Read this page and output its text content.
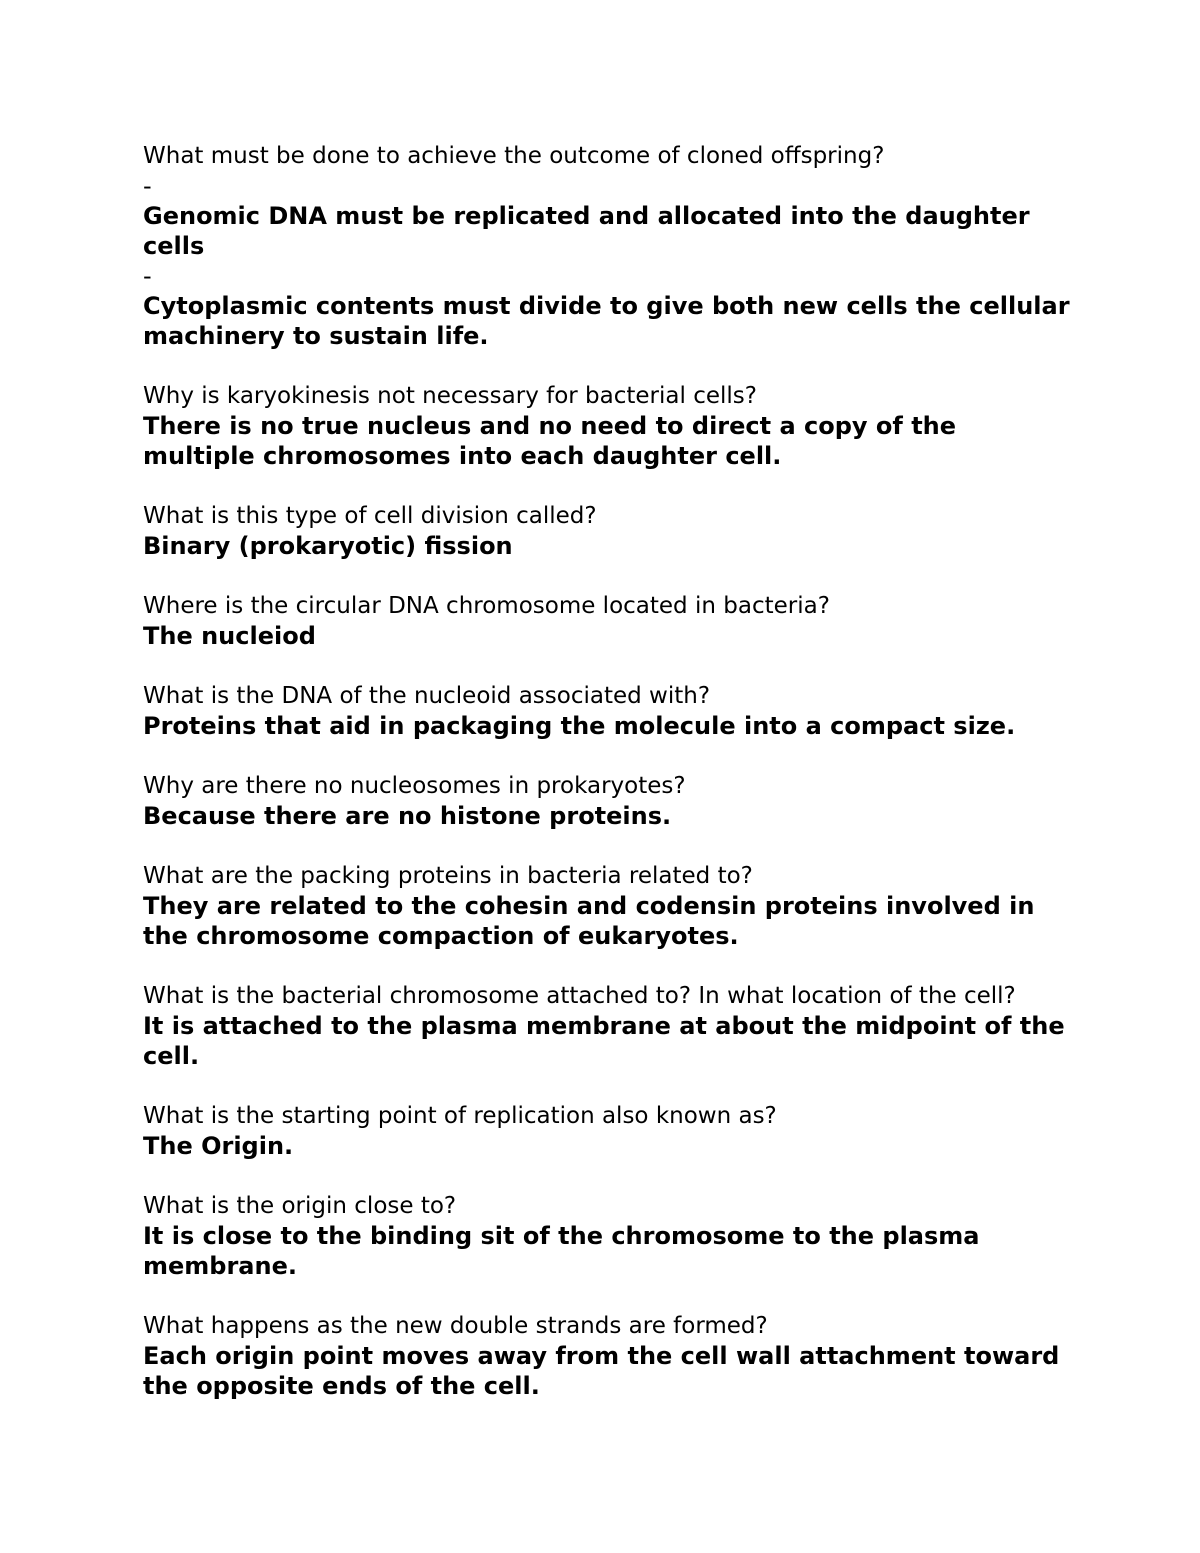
What must be done to achieve the outcome of cloned offspring?
-
Genomic DNA must be replicated and allocated into the daughter cells
-
Cytoplasmic contents must divide to give both new cells the cellular machinery to sustain life.
Why is karyokinesis not necessary for bacterial cells?
There is no true nucleus and no need to direct a copy of the multiple chromosomes into each daughter cell.
What is this type of cell division called?
Binary (prokaryotic) fission
Where is the circular DNA chromosome located in bacteria?
The nucleiod
What is the DNA of the nucleoid associated with?
Proteins that aid in packaging the molecule into a compact size.
Why are there no nucleosomes in prokaryotes?
Because there are no histone proteins.
What are the packing proteins in bacteria related to?
They are related to the cohesin and codensin proteins involved in the chromosome compaction of eukaryotes.
What is the bacterial chromosome attached to? In what location of the cell?
It is attached to the plasma membrane at about the midpoint of the cell.
What is the starting point of replication also known as?
The Origin.
What is the origin close to?
It is close to the binding sit of the chromosome to the plasma membrane.
What happens as the new double strands are formed?
Each origin point moves away from the cell wall attachment toward the opposite ends of the cell.
